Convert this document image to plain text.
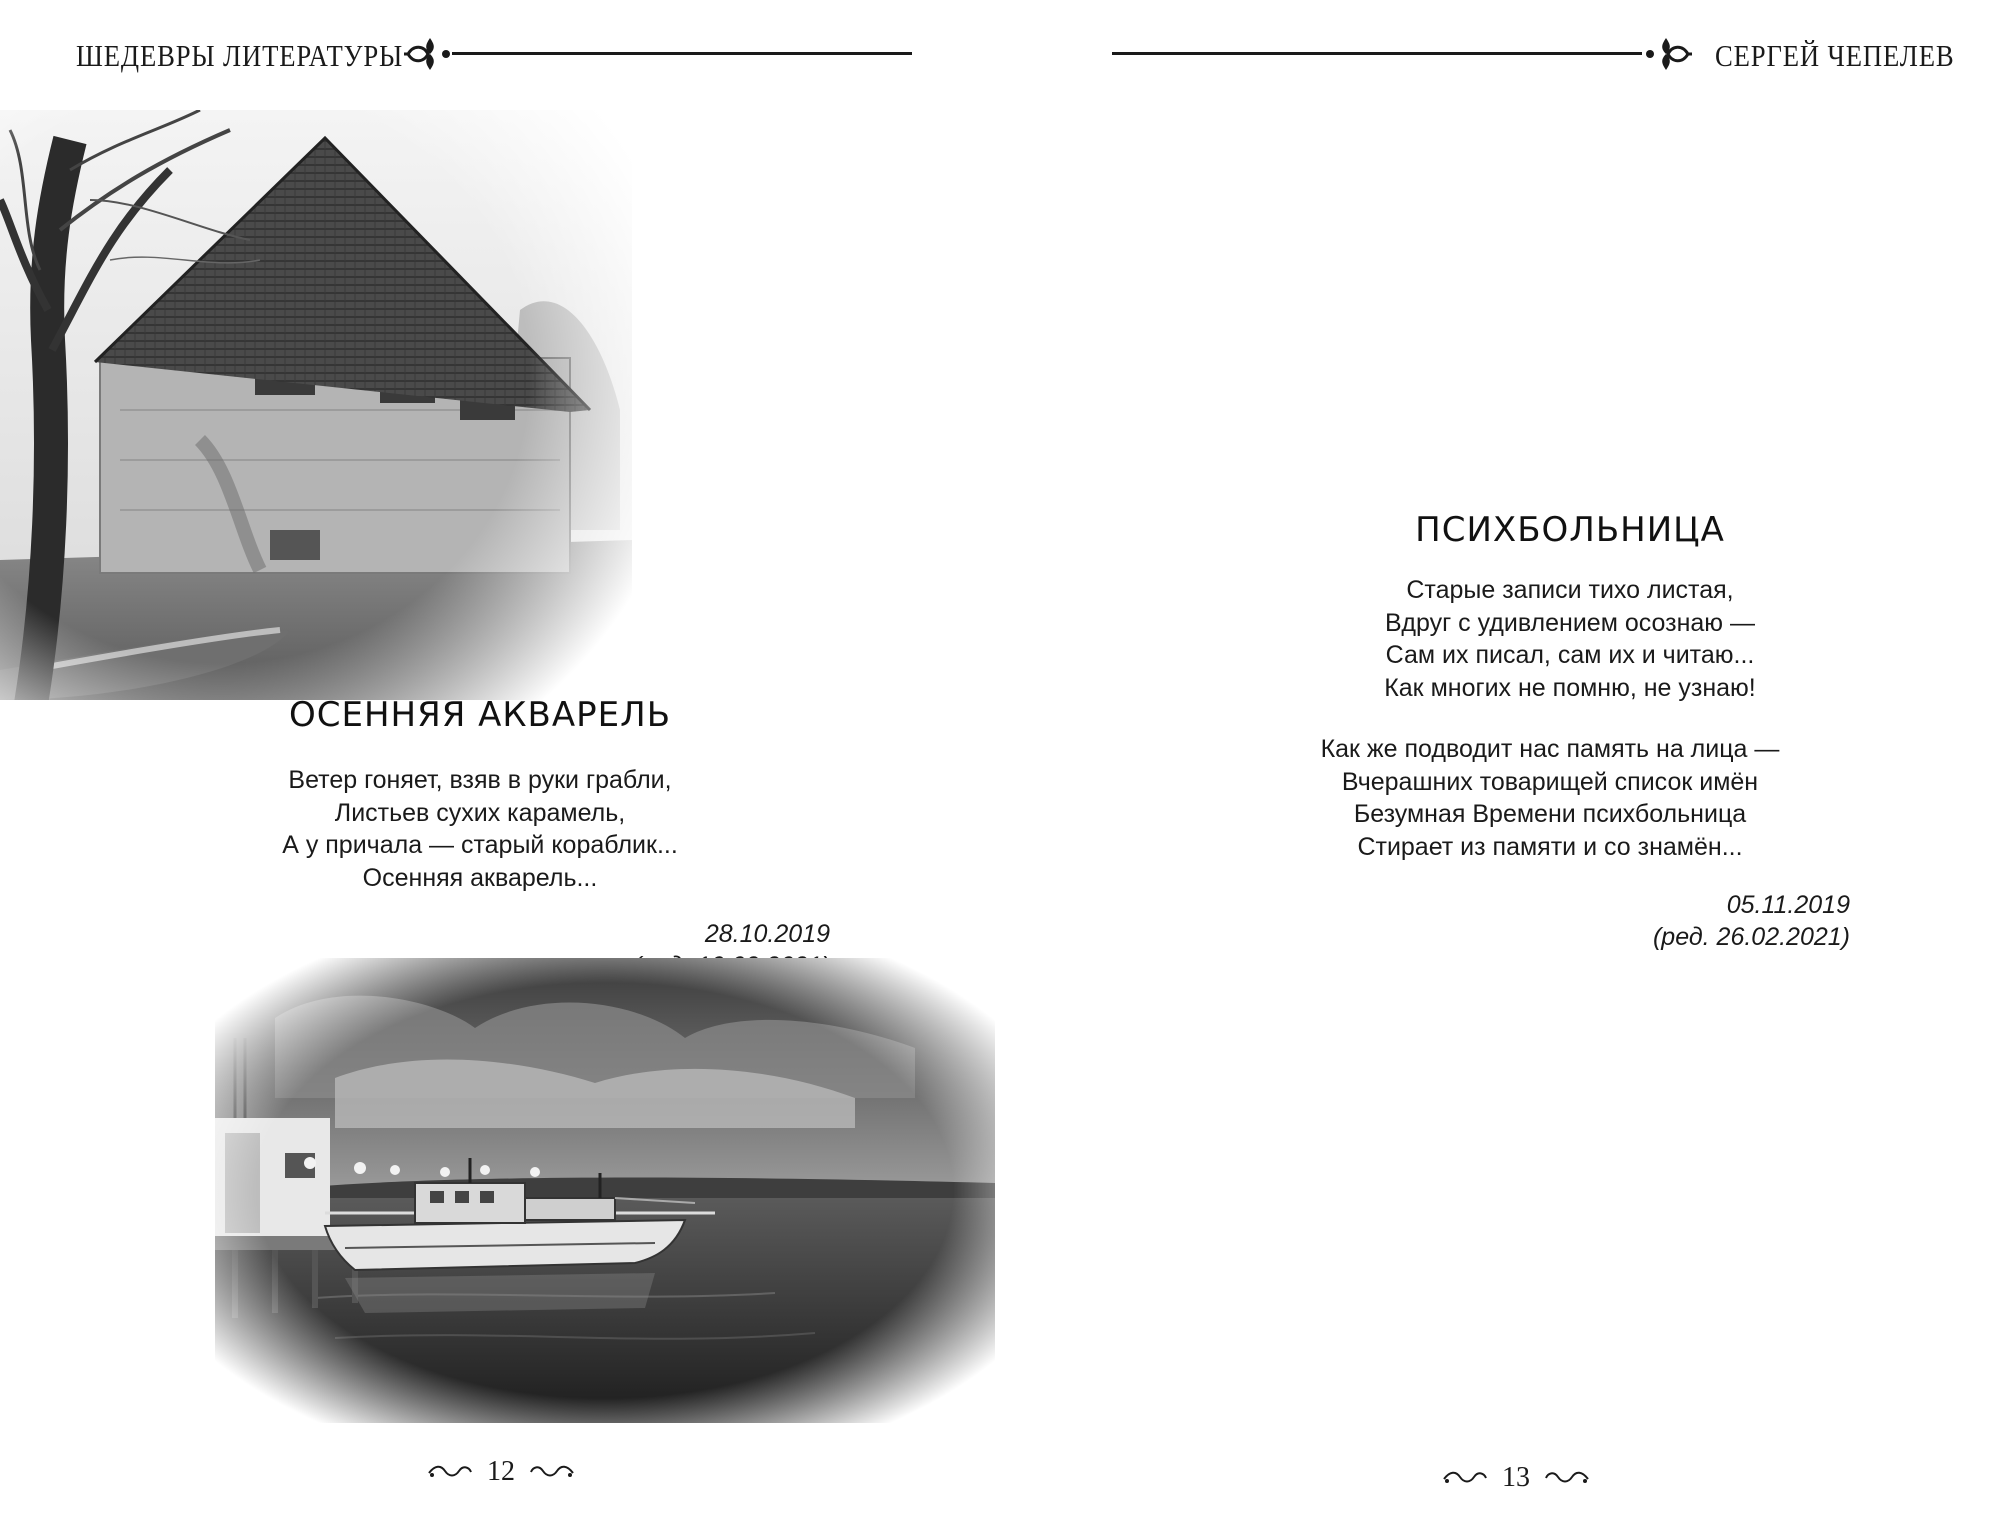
ШЕДЕВРЫ ЛИТЕРАТУРЫ
ОСЕННЯЯ АКВАРЕЛЬ
Ветер гоняет, взяв в руки грабли,
Листьев сухих карамель,
А у причала — старый кораблик...
Осенняя акварель...
28.10.2019
12
СЕРГЕЙ ЧЕПЕЛЕВ
ПСИХБОЛЬНИЦА
Старые записи тихо листая,
Вдруг с удивлением осознаю —
Сам их писал, сам их и читаю...
Как многих не помню, не узнаю!
Как же подводит нас память на лица —
Вчерашних товарищей список имён
Безумная Времени психбольница
Стирает из памяти и со знамён...
05.11.2019
(ред. 26.02.2021)
13
